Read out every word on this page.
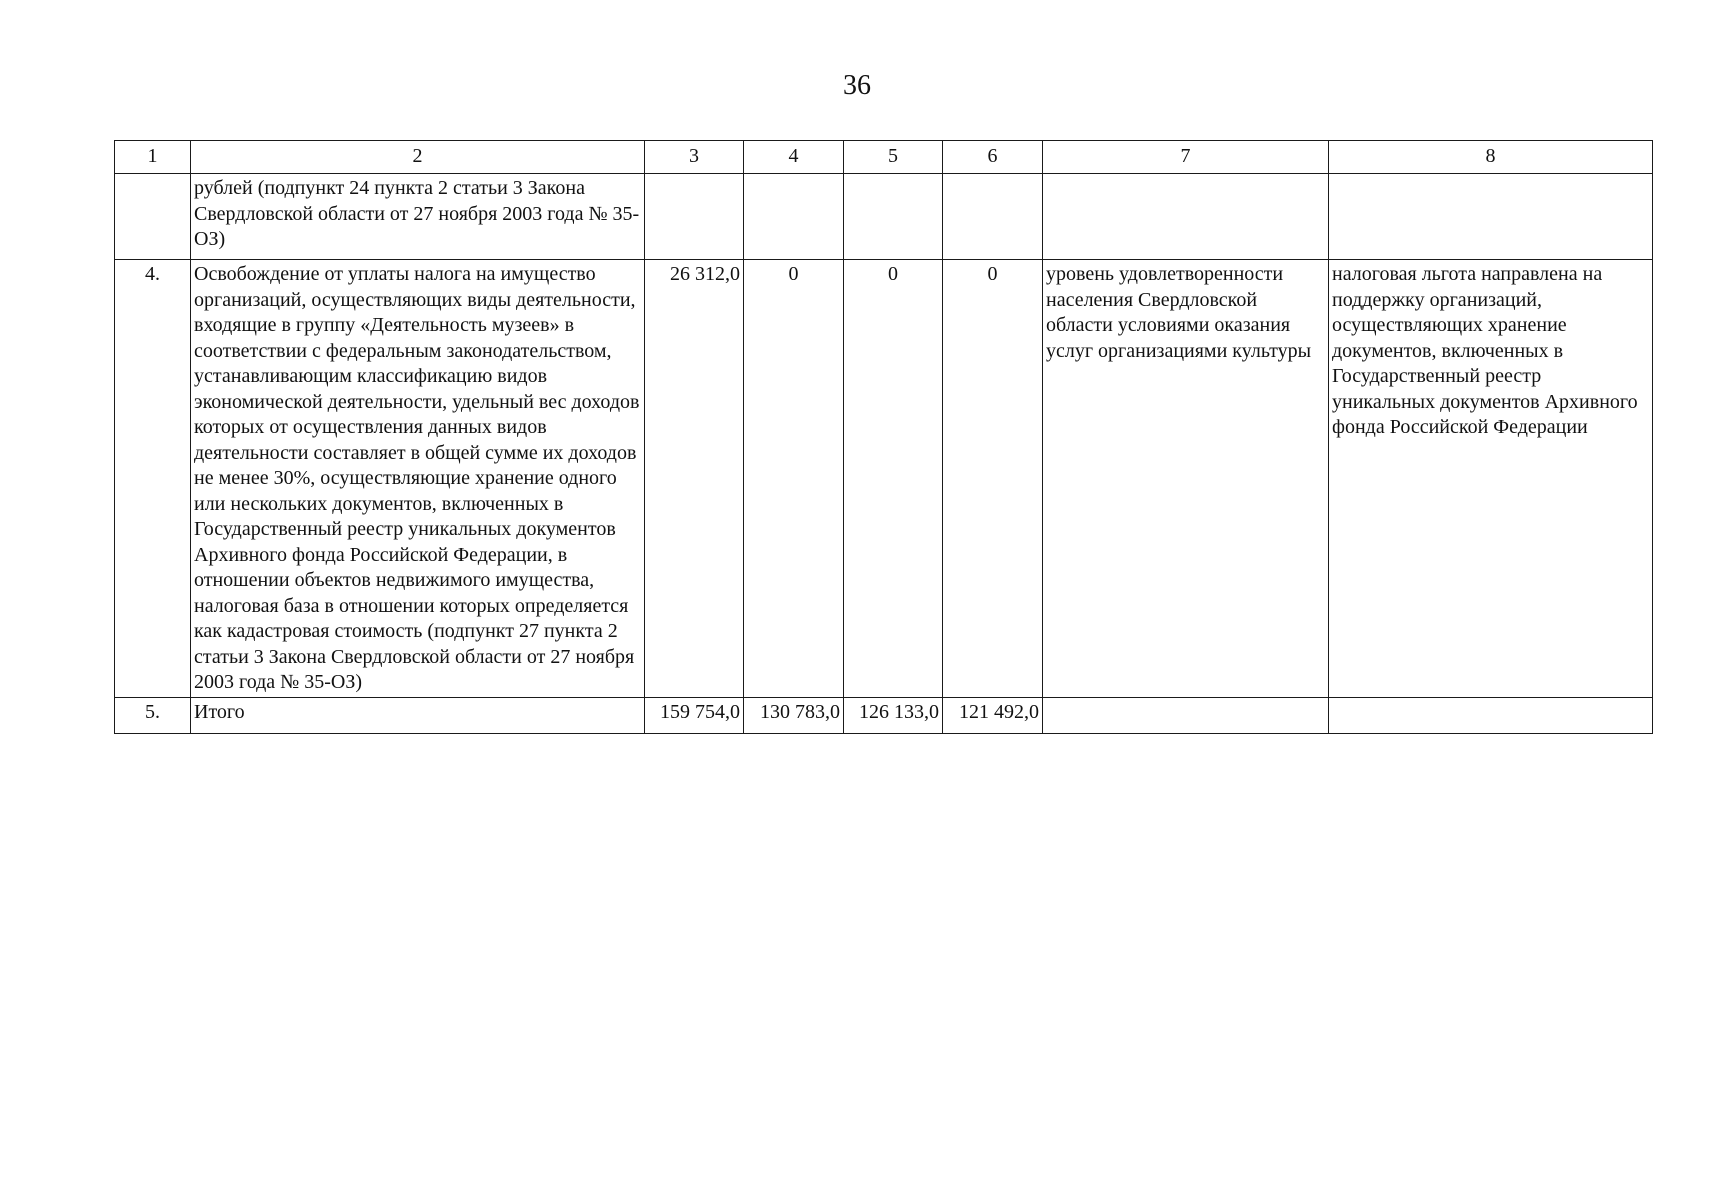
36
1	2	3	4	5	6	7	8
	рублей (подпункт 24 пункта 2 статьи 3 Закона Свердловской области от 27 ноября 2003 года № 35-ОЗ)						
4.	Освобождение от уплаты налога на имущество организаций, осуществляющих виды деятельности, входящие в группу «Деятельность музеев» в соответствии с федеральным законодательством, устанавливающим классификацию видов экономической деятельности, удельный вес доходов которых от осуществления данных видов деятельности составляет в общей сумме их доходов не менее 30%, осуществляющие хранение одного или нескольких документов, включенных в Государственный реестр уникальных документов Архивного фонда Российской Федерации, в отношении объектов недвижимого имущества, налоговая база в отношении которых определяется как кадастровая стоимость (подпункт 27 пункта 2 статьи 3 Закона Свердловской области от 27 ноября 2003 года № 35-ОЗ)	26 312,0	0	0	0	уровень удовлетворенности населения Свердловской области условиями оказания услуг организациями культуры	налоговая льгота направлена на поддержку организаций, осуществляющих хранение документов, включенных в Государственный реестр уникальных документов Архивного фонда Российской Федерации
5.	Итого	159 754,0	130 783,0	126 133,0	121 492,0		
